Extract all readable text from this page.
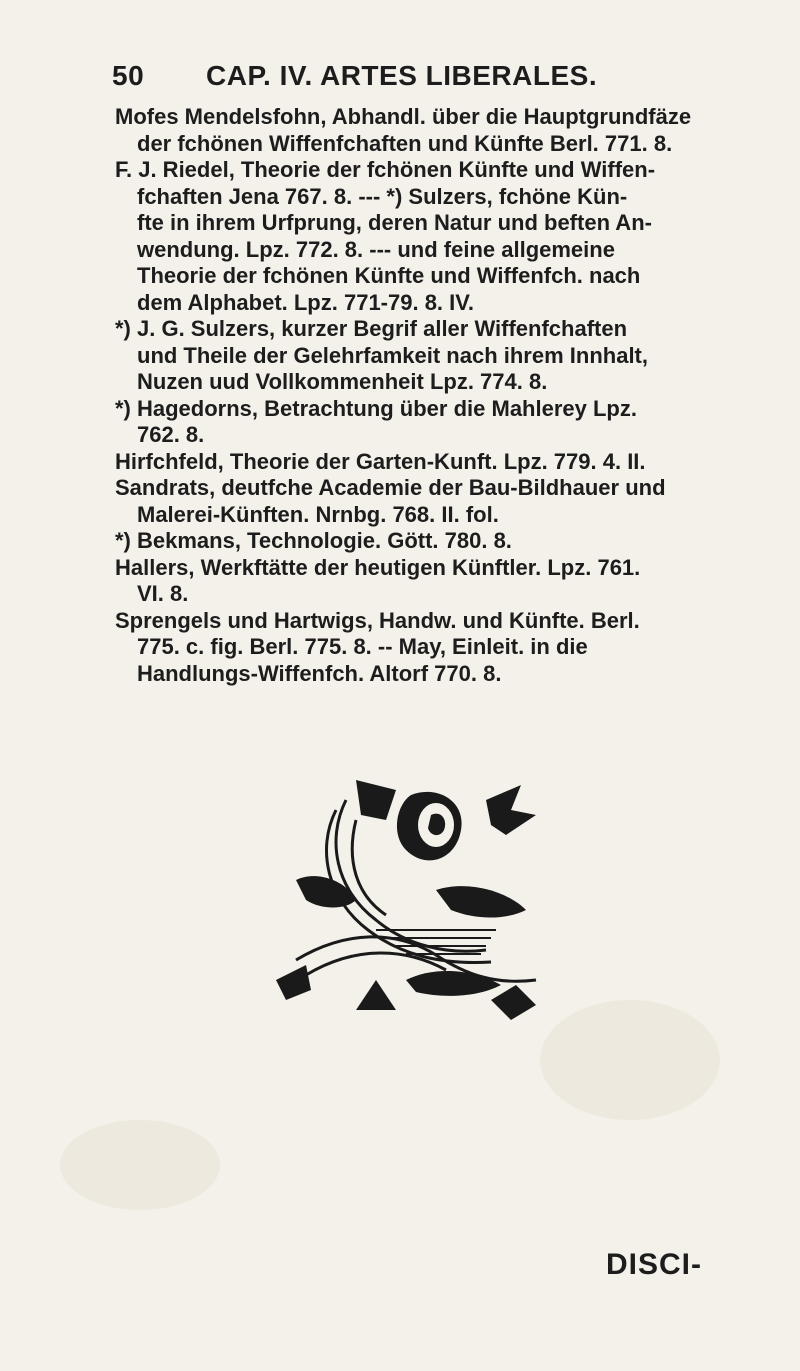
50 CAP. IV. ARTES LIBERALES.

Mofes Mendelsfohn, Abhandl. über die Hauptgrundfäze

der fchönen Wiffenfchaften und Künfte Berl. 771. 8.

F. J. Riedel, Theorie der fchönen Künfte und Wiffen-

fchaften Jena 767. 8. --- *) Sulzers, fchöne Kün-
fte in ihrem Urfprung, deren Natur und beften An-
wendung. Lpz. 772. 8. --- und feine allgemeine
Theorie der fchönen Künfte und Wiffenfch. nach
dem Alphabet. Lpz. 771-79. 8. IV.

*) J. G. Sulzers, kurzer Begrif aller Wiffenfchaften

und Theile der Gelehrfamkeit nach ihrem Innhalt,
Nuzen uud Vollkommenheit Lpz. 774. 8.

*) Hagedorns, Betrachtung über die Mahlerey Lpz.

762. 8.

Hirfchfeld, Theorie der Garten-Kunft. Lpz. 779. 4. II.
Sandrats, deutfche Academie der Bau-Bildhauer und

Malerei-Künften. Nrnbg. 768. II. fol.

*) Bekmans, Technologie. Gött. 780. 8.

Hallers, Werkftätte der heutigen Künftler. Lpz. 761.

VI. 8.

Sprengels und Hartwigs, Handw. und Künfte. Berl.

775. c. fig. Berl. 775. 8. -- May, Einleit. in die
Handlungs-Wiffenfch. Altorf 770. 8.

DISCI-
